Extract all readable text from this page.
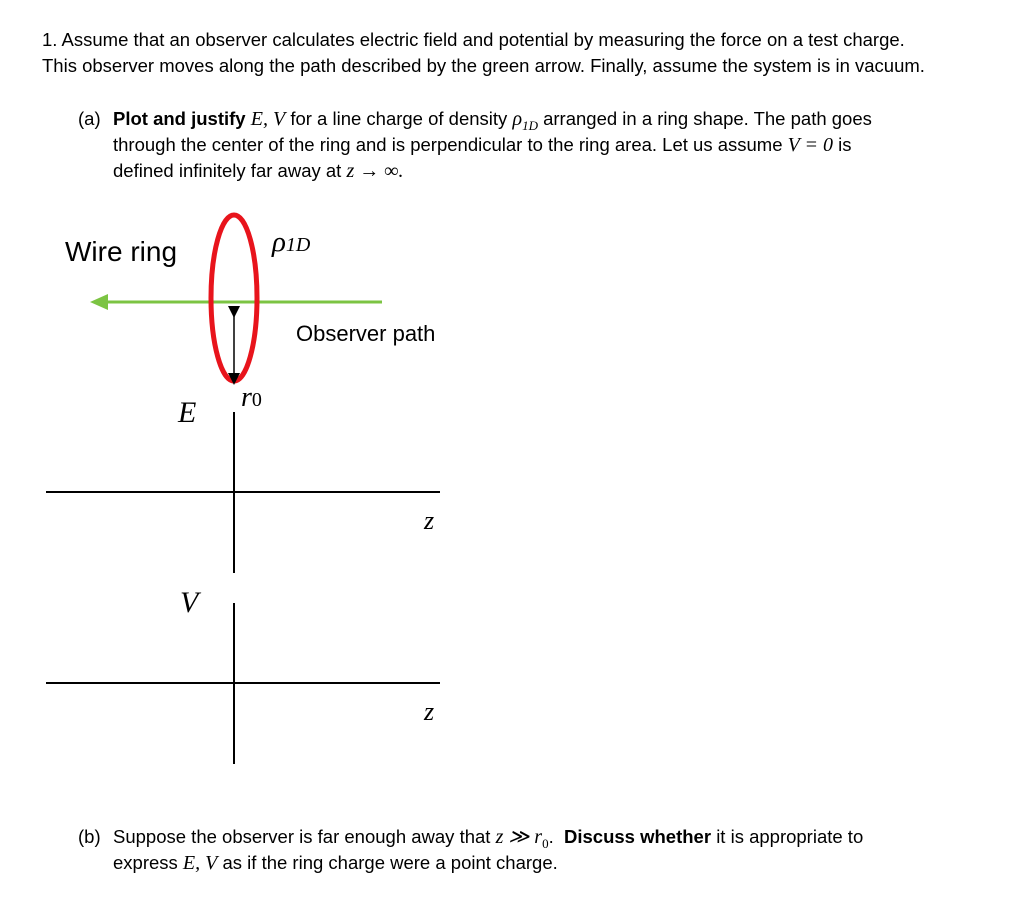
1. Assume that an observer calculates electric field and potential by measuring the force on a test charge.
This observer moves along the path described by the green arrow. Finally, assume the system is in vacuum.
(a) Plot and justify E, V for a line charge of density $\rho_{1D}$ arranged in a ring shape. The path goes
through the center of the ring and is perpendicular to the ring area. Let us assume V = 0 is
defined infinitely far away at z → ∞.
Wire ring	ρ1D
Observer path
r0
E
z
V
z
(b) Suppose the observer is far enough away that z ≫ $r_0$. Discuss whether it is appropriate to
express E, V as if the ring charge were a point charge.
